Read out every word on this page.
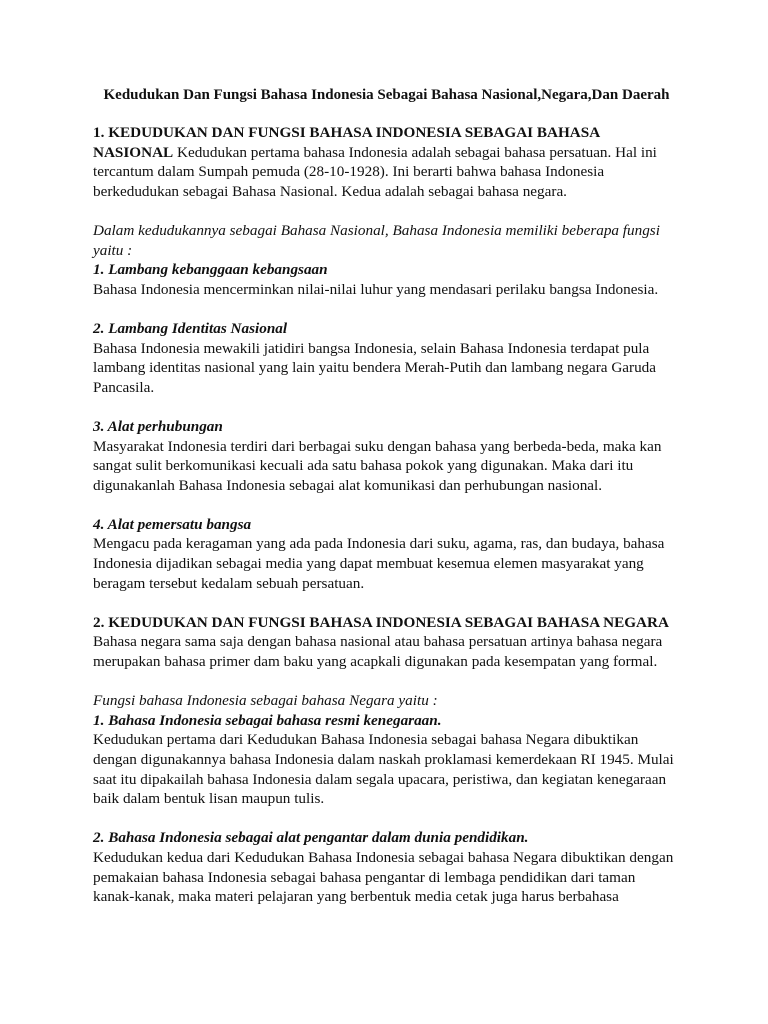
Kedudukan Dan Fungsi Bahasa Indonesia Sebagai Bahasa Nasional,Negara,Dan Daerah

1. KEDUDUKAN DAN FUNGSI BAHASA INDONESIA SEBAGAI BAHASA NASIONAL Kedudukan pertama bahasa Indonesia adalah sebagai bahasa persatuan. Hal ini tercantum dalam Sumpah pemuda (28-10-1928). Ini berarti bahwa bahasa Indonesia berkedudukan sebagai Bahasa Nasional. Kedua adalah sebagai bahasa negara.

Dalam kedudukannya sebagai Bahasa Nasional, Bahasa Indonesia memiliki beberapa fungsi yaitu :

1. Lambang kebanggaan kebangsaan

Bahasa Indonesia mencerminkan nilai-nilai luhur yang mendasari perilaku bangsa Indonesia.

2. Lambang Identitas Nasional

Bahasa Indonesia mewakili jatidiri bangsa Indonesia, selain Bahasa Indonesia terdapat pula lambang identitas nasional yang lain yaitu bendera Merah-Putih dan lambang negara Garuda Pancasila.

3. Alat perhubungan

Masyarakat Indonesia terdiri dari berbagai suku dengan bahasa yang berbeda-beda, maka kan sangat sulit berkomunikasi kecuali ada satu bahasa pokok yang digunakan. Maka dari itu digunakanlah Bahasa Indonesia sebagai alat komunikasi dan perhubungan nasional.

4. Alat pemersatu bangsa

Mengacu pada keragaman yang ada pada Indonesia dari suku, agama, ras, dan budaya, bahasa Indonesia dijadikan sebagai media yang dapat membuat kesemua elemen masyarakat yang beragam tersebut kedalam sebuah persatuan.

2. KEDUDUKAN DAN FUNGSI BAHASA INDONESIA SEBAGAI BAHASA NEGARA

Bahasa negara sama saja dengan bahasa nasional atau bahasa persatuan artinya bahasa negara merupakan bahasa primer dam baku yang acapkali digunakan pada kesempatan yang formal.

Fungsi bahasa Indonesia sebagai bahasa Negara yaitu :

1. Bahasa Indonesia sebagai bahasa resmi kenegaraan.

Kedudukan pertama dari Kedudukan Bahasa Indonesia sebagai bahasa Negara dibuktikan dengan digunakannya bahasa Indonesia dalam naskah proklamasi kemerdekaan RI 1945. Mulai saat itu dipakailah bahasa Indonesia dalam segala upacara, peristiwa, dan kegiatan kenegaraan baik dalam bentuk lisan maupun tulis.

2. Bahasa Indonesia sebagai alat pengantar dalam dunia pendidikan.

Kedudukan kedua dari Kedudukan Bahasa Indonesia sebagai bahasa Negara dibuktikan dengan pemakaian bahasa Indonesia sebagai bahasa pengantar di lembaga pendidikan dari taman kanak-kanak, maka materi pelajaran yang berbentuk media cetak juga harus berbahasa
